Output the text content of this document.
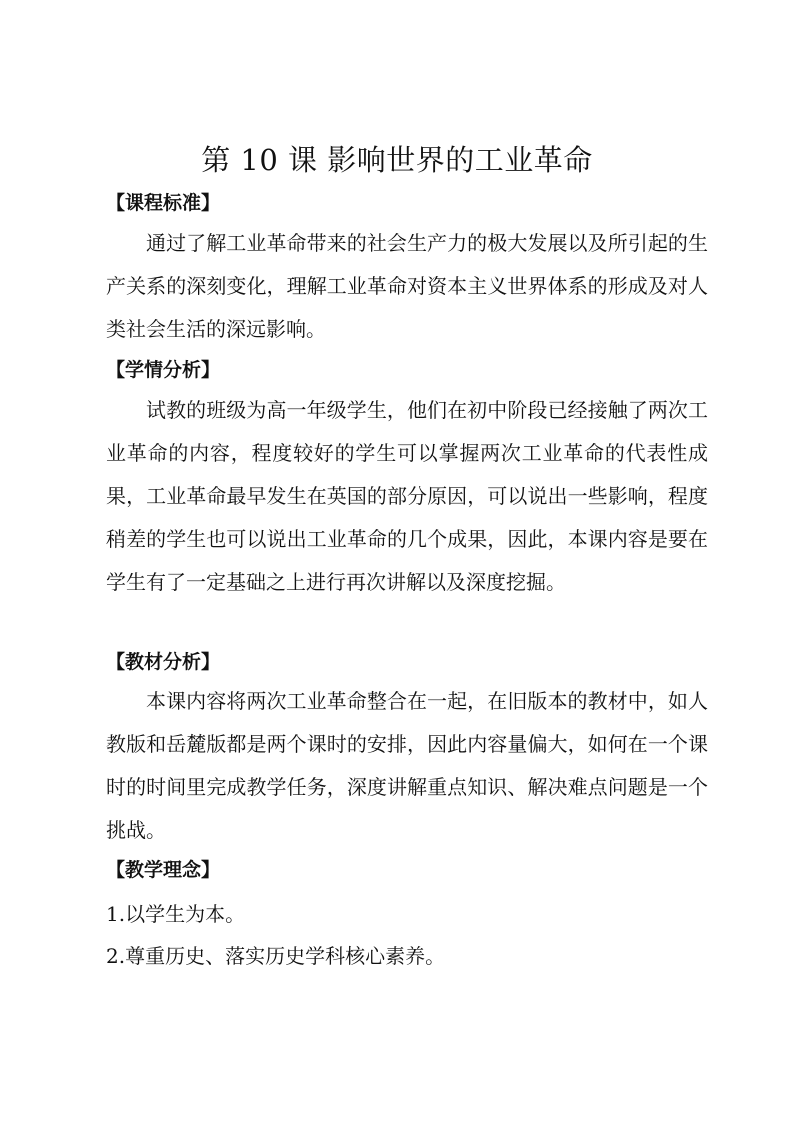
第 10 课 影响世界的工业革命
【课程标准】

通过了解工业革命带来的社会生产力的极大发展以及所引起的生产关系的深刻变化，理解工业革命对资本主义世界体系的形成及对人类社会生活的深远影响。

【学情分析】

试教的班级为高一年级学生，他们在初中阶段已经接触了两次工业革命的内容，程度较好的学生可以掌握两次工业革命的代表性成果，工业革命最早发生在英国的部分原因，可以说出一些影响，程度稍差的学生也可以说出工业革命的几个成果，因此，本课内容是要在学生有了一定基础之上进行再次讲解以及深度挖掘。

【教材分析】

本课内容将两次工业革命整合在一起，在旧版本的教材中，如人教版和岳麓版都是两个课时的安排，因此内容量偏大，如何在一个课时的时间里完成教学任务，深度讲解重点知识、解决难点问题是一个挑战。

【教学理念】
1.以学生为本。
2.尊重历史、落实历史学科核心素养。
